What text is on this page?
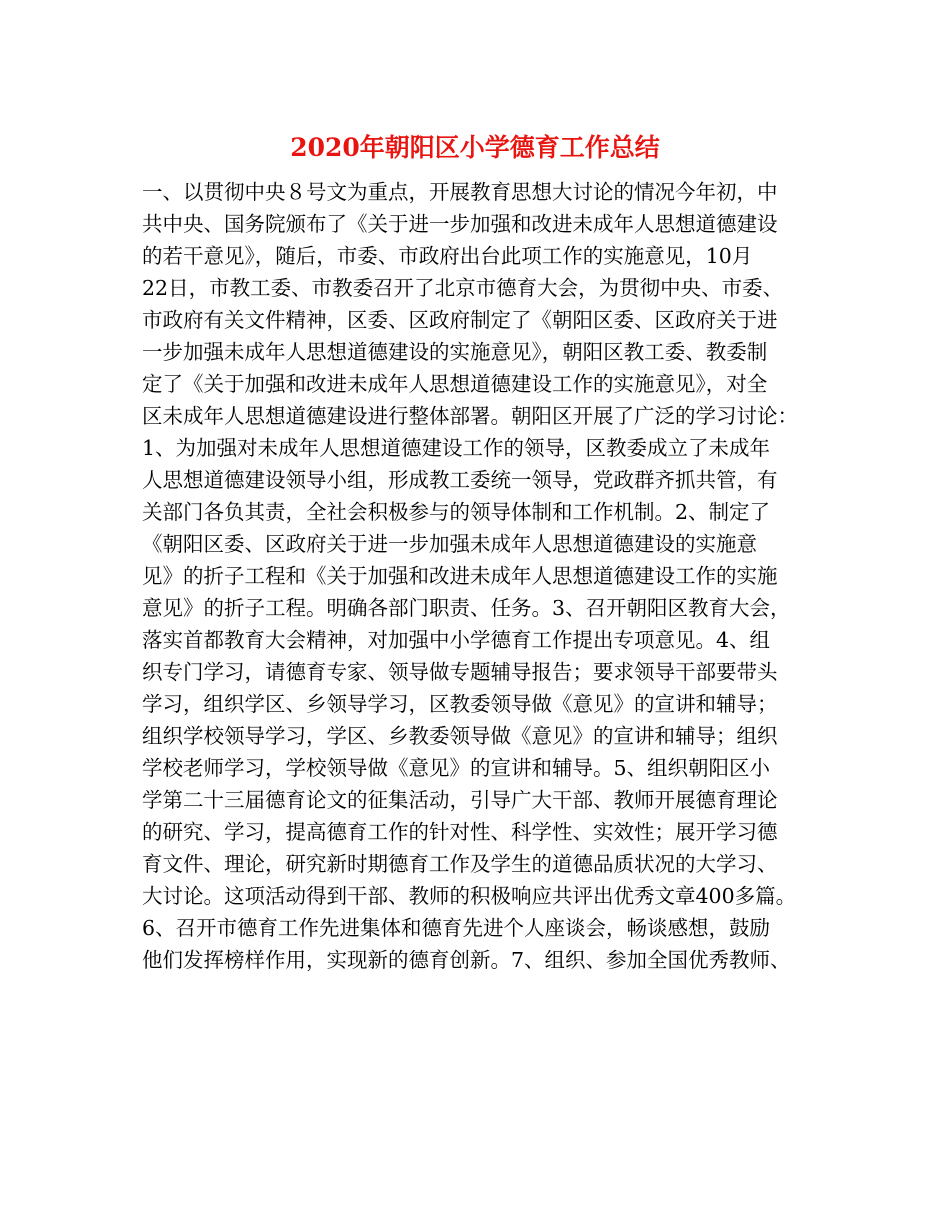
2020年朝阳区小学德育工作总结
一、以贯彻中央８号文为重点，开展教育思想大讨论的情况今年初，中
共中央、国务院颁布了《关于进一步加强和改进未成年人思想道德建设
的若干意见》，随后，市委、市政府出台此项工作的实施意见，10月
22日，市教工委、市教委召开了北京市德育大会，为贯彻中央、市委、
市政府有关文件精神，区委、区政府制定了《朝阳区委、区政府关于进
一步加强未成年人思想道德建设的实施意见》，朝阳区教工委、教委制
定了《关于加强和改进未成年人思想道德建设工作的实施意见》，对全
区未成年人思想道德建设进行整体部署。朝阳区开展了广泛的学习讨论：
1、为加强对未成年人思想道德建设工作的领导，区教委成立了未成年
人思想道德建设领导小组，形成教工委统一领导，党政群齐抓共管，有
关部门各负其责，全社会积极参与的领导体制和工作机制。2、制定了
《朝阳区委、区政府关于进一步加强未成年人思想道德建设的实施意
见》的折子工程和《关于加强和改进未成年人思想道德建设工作的实施
意见》的折子工程。明确各部门职责、任务。3、召开朝阳区教育大会，
落实首都教育大会精神，对加强中小学德育工作提出专项意见。4、组
织专门学习，请德育专家、领导做专题辅导报告；要求领导干部要带头
学习，组织学区、乡领导学习，区教委领导做《意见》的宣讲和辅导；
组织学校领导学习，学区、乡教委领导做《意见》的宣讲和辅导；组织
学校老师学习，学校领导做《意见》的宣讲和辅导。5、组织朝阳区小
学第二十三届德育论文的征集活动，引导广大干部、教师开展德育理论
的研究、学习，提高德育工作的针对性、科学性、实效性；展开学习德
育文件、理论，研究新时期德育工作及学生的道德品质状况的大学习、
大讨论。这项活动得到干部、教师的积极响应共评出优秀文章400多篇。
6、召开市德育工作先进集体和德育先进个人座谈会，畅谈感想，鼓励
他们发挥榜样作用，实现新的德育创新。7、组织、参加全国优秀教师、
